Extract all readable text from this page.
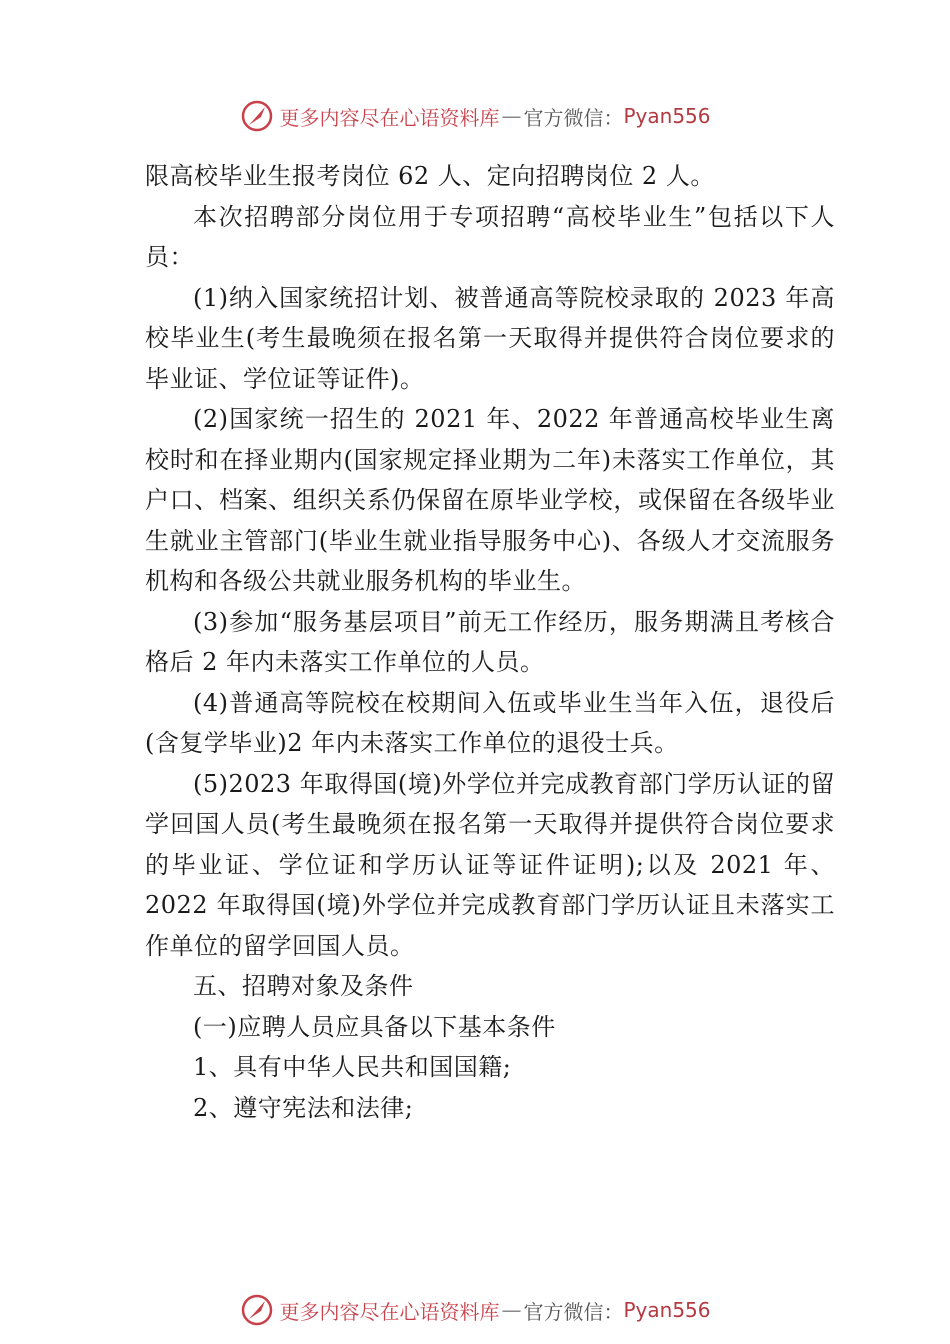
更多内容尽在心语资料库 — 官方微信： Pyan556

限高校毕业生报考岗位 62 人、定向招聘岗位 2 人。

本次招聘部分岗位用于专项招聘“高校毕业生”包括以下人员：

(1)纳入国家统招计划、被普通高等院校录取的 2023 年高校毕业生(考生最晚须在报名第一天取得并提供符合岗位要求的毕业证、学位证等证件)。

(2)国家统一招生的 2021 年、2022 年普通高校毕业生离校时和在择业期内(国家规定择业期为二年)未落实工作单位，其户口、档案、组织关系仍保留在原毕业学校，或保留在各级毕业生就业主管部门(毕业生就业指导服务中心)、各级人才交流服务机构和各级公共就业服务机构的毕业生。

(3)参加“服务基层项目”前无工作经历，服务期满且考核合格后 2 年内未落实工作单位的人员。

(4)普通高等院校在校期间入伍或毕业生当年入伍，退役后(含复学毕业)2 年内未落实工作单位的退役士兵。

(5)2023 年取得国(境)外学位并完成教育部门学历认证的留学回国人员(考生最晚须在报名第一天取得并提供符合岗位要求的毕业证、学位证和学历认证等证件证明);以及 2021 年、2022 年取得国(境)外学位并完成教育部门学历认证且未落实工作单位的留学回国人员。

五、招聘对象及条件

(一)应聘人员应具备以下基本条件

1、具有中华人民共和国国籍;

2、遵守宪法和法律;

更多内容尽在心语资料库 — 官方微信： Pyan556
